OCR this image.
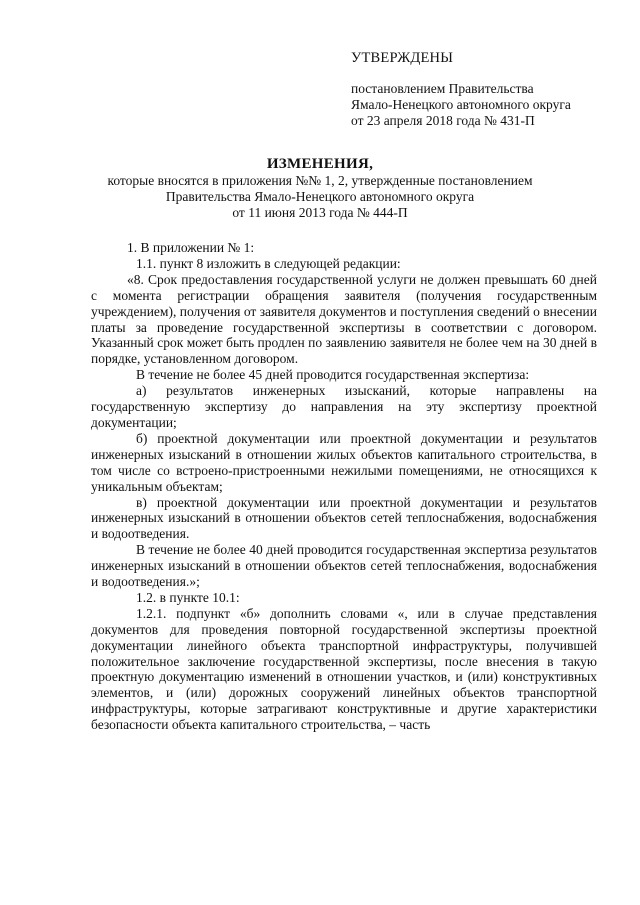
УТВЕРЖДЕНЫ
постановлением Правительства
Ямало-Ненецкого автономного округа
от 23 апреля 2018 года № 431-П
ИЗМЕНЕНИЯ,
которые вносятся в приложения №№ 1, 2, утвержденные постановлением
Правительства Ямало-Ненецкого автономного округа
от 11 июня 2013 года № 444-П

1. В приложении № 1:

1.1. пункт 8 изложить в следующей редакции:

«8. Срок предоставления государственной услуги не должен превышать 60 дней с момента регистрации обращения заявителя (получения государственным учреждением), получения от заявителя документов и поступления сведений о внесении платы за проведение государственной экспертизы в соответствии с договором. Указанный срок может быть продлен по заявлению заявителя не более чем на 30 дней в порядке, установленном договором.

В течение не более 45 дней проводится государственная экспертиза:

а) результатов инженерных изысканий, которые направлены на государственную экспертизу до направления на эту экспертизу проектной документации;

б) проектной документации или проектной документации и результатов инженерных изысканий в отношении жилых объектов капитального строительства, в том числе со встроено-пристроенными нежилыми помещениями, не относящихся к уникальным объектам;

в) проектной документации или проектной документации и результатов инженерных изысканий в отношении объектов сетей теплоснабжения, водоснабжения и водоотведения.

В течение не более 40 дней проводится государственная экспертиза результатов инженерных изысканий в отношении объектов сетей теплоснабжения, водоснабжения и водоотведения.»;

1.2. в пункте 10.1:

1.2.1. подпункт «б» дополнить словами «, или в случае представления документов для проведения повторной государственной экспертизы проектной документации линейного объекта транспортной инфраструктуры, получившей положительное заключение государственной экспертизы, после внесения в такую проектную документацию изменений в отношении участков, и (или) конструктивных элементов, и (или) дорожных сооружений линейных объектов транспортной инфраструктуры, которые затрагивают конструктивные и другие характеристики безопасности объекта капитального строительства, – часть
